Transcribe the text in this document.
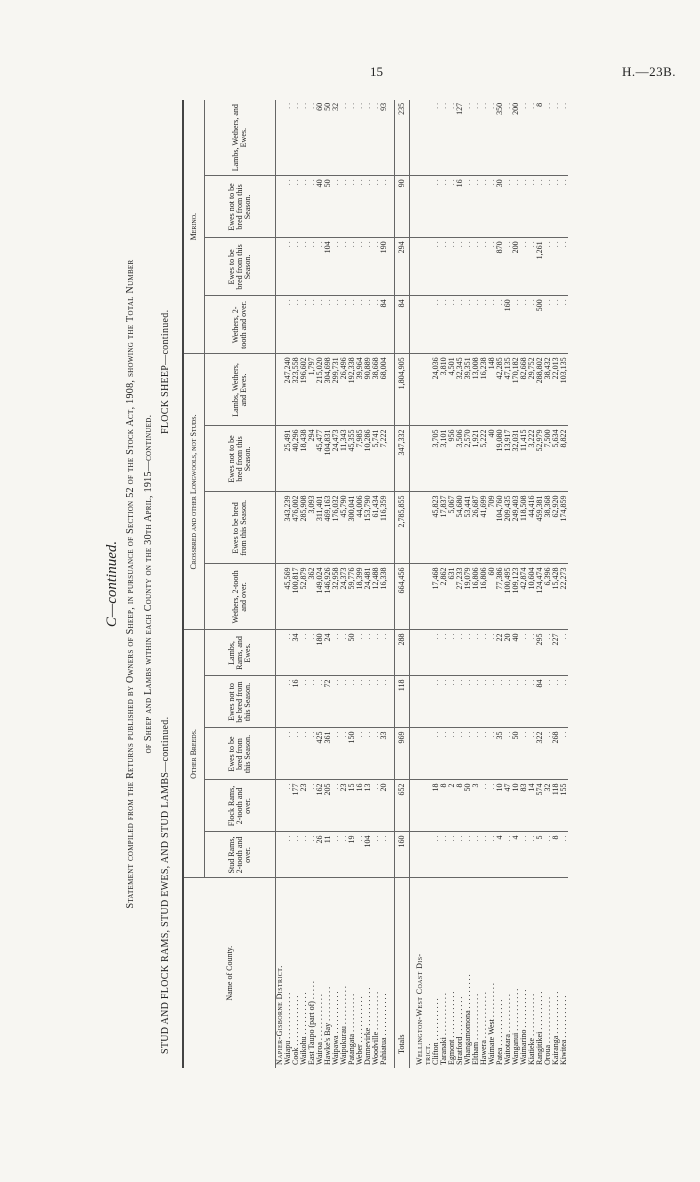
15	H.—23B.
C—continued. Statement compiled from the Returns published by Owners of Sheep, in pursuance of Section 52 of the Stock Act, 1908, showing the Total Number of Sheep and Lambs within each County on the 30th April, 1915—continued.
STUD AND FLOCK RAMS, STUD EWES, AND STUD LAMBS—continued.
FLOCK SHEEP—continued.
Name of County.	Other Breeds.					Crossbred and other Longwools, not Studs.				Merino.			
	Stud Rams, 2-tooth and over.	Flock Rams, 2-tooth and over.	Ewes to be bred from this Season.	Ewes not to be bred from this Season.	Lambs, Rams, and Ewes.	Wethers, 2-tooth and over.	Ewes to be bred from this Season.	Ewes not to be bred from this Season.	Lambs, Wethers, and Ewes.	Wethers, 2-tooth and over.	Ewes to be bred from this Season.	Ewes not to be bred from this Season.	Lambs, Wethers, and Ewes.
Napier-Gisborne District.													
Waiapu . . . . . . . . . . . .	. .	. .	. .	. .	. .	45,569	343,239	25,491	247,240	. .	. .	. .	. .
Cook . . . . . . . . . . . . .	. .	177	. .	16	34	100,817	476,002	40,296	323,558	. .	. .	. .	. .
Waikohu . . . . . . . . . . .	. .	23	. .	. .	. .	52,879	285,908	18,438	196,602	. .	. .	. .	. .
East Taupo (part of) . . . . .	. .	. .	. .	. .	. .	362	3,093	294	1,797	. .	. .	. .	. .
Wairoa . . . . . . . . . . . .	26	162	425	. .	180	149,024	311,401	45,477	215,020	. .	. .	40	60
Hawke's Bay . . . . . . . . .	11	205	361	72	24	146,926	469,163	104,831	304,698	. .	104	50	50
Waipawa . . . . . . . . . . .	. .	. .	. .	. .	. .	32,958	176,032	24,473	299,731	. .	. .	. .	32
Waipukurau . . . . . . . . . .	. .	23	. .	. .	. .	24,373	45,790	11,343	26,496	. .	. .	. .	. .
Patangata . . . . . . . . . .	19	15	150	. .	50	59,776	300,041	45,355	192,338	. .	. .	. .	. .
Weber . . . . . . . . . . . .	. .	16	. .	. .	. .	18,399	44,006	7,985	39,964	. .	. .	. .	. .
Dannevirke . . . . . . . . . .	104	13	. .	. .	. .	24,481	153,790	10,286	90,889	. .	. .	. .	. .
Woodville . . . . . . . . . .	. .	. .	. .	. .	. .	12,488	61,434	5,741	38,668	. .	. .	. .	. .
Pahiatua . . . . . . . . . . .	. .	20	33	. .	. .	16,338	116,359	7,222	68,004	84	190	. .	93

Totals	160	652	969	118	288	664,456	2,785,855	347,332	1,804,905	84	294	90	235

Wellington-West Coast Dis-													
trict.													
Clifton . . . . . . . . . . .	. .	18	. .	. .	. .	17,468	45,823	3,705	24,036	. .	. .	. .	. .
Taranaki . . . . . . . . . . .	. .	8	. .	. .	. .	2,862	17,837	3,101	3,810	. .	. .	. .	. .
Egmont . . . . . . . . . . . .	. .	2	. .	. .	. .	631	5,067	956	4,501	. .	. .	. .	. .
Stratford . . . . . . . . . .	. .	8	. .	. .	. .	27,233	54,680	3,506	32,345	. .	. .	16	127
Whangamomona . . . . . . . . .	. .	50	. .	. .	. .	19,079	53,441	2,570	39,351	. .	. .	. .	. .
Eltham . . . . . . . . . . . .	. .	3	. .	. .	. .	16,806	26,687	1,921	13,008	. .	. .	. .	. .
Hawera . . . . . . . . . . . .	. .	. .	. .	. .	. .	16,806	41,699	5,222	16,238	. .	. .	. .	. .
Waimate West . . . . . . . . .	. .	. .	. .	. .	. .	60	709	40	148	. .	. .	. .	. .
Patea . . . . . . . . . . . .	4	10	35	. .	22	77,386	104,760	19,080	42,285	. .	870	30	350
Waitotara . . . . . . . . . .	. .	47	. .	. .	20	100,495	209,435	13,917	47,135	160	. .	. .	. .
Wanganui . . . . . . . . . . .	4	10	50	. .	40	109,123	249,403	32,031	170,182	. .	200	. .	200
Waimarino . . . . . . . . . .	. .	83	. .	. .	. .	42,874	118,508	11,415	82,668	. .	. .	. .	. .
Kiatieke . . . . . . . . . . .	. .	14	. .	. .	. .	10,604	44,416	3,222	29,752	. .	. .	. .	. .
Rangitikei . . . . . . . . . .	5	574	322	84	295	124,474	459,381	52,979	288,802	500	1,261	. .	8
Oroua . . . . . . . . . . . .	. .	32	. .	. .	. .	6,396	38,368	7,500	38,432	. .	. .	. .	. .
Kairanga . . . . . . . . . . .	8	118	268	. .	227	15,428	62,920	5,634	22,013	. .	. .	. .	. .
Kiwitea . . . . . . . . . . .	. .	155	. .	. .	. .	22,273	174,859	8,822	103,135	. .	. .	. .	. .
